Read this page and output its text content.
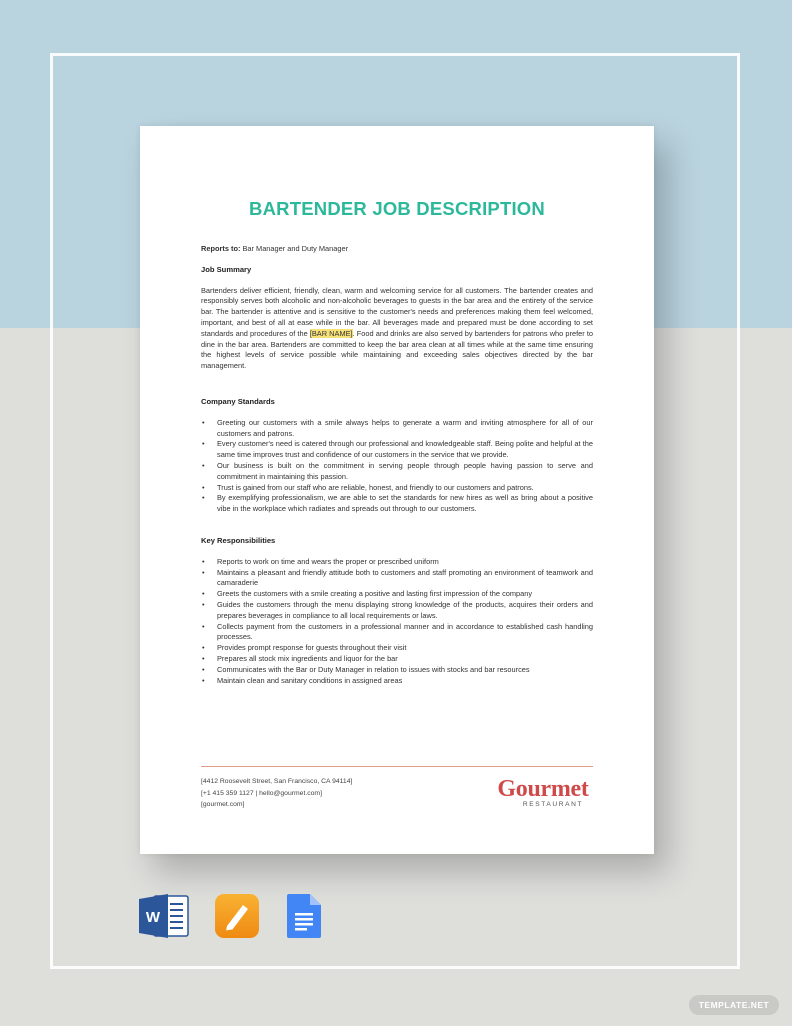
BARTENDER JOB DESCRIPTION

Reports to: Bar Manager and Duty Manager

Job Summary

Bartenders deliver efficient, friendly, clean, warm and welcoming service for all customers. The bartender creates and responsibly serves both alcoholic and non-alcoholic beverages to guests in the bar area and the entirety of the service bar. The bartender is attentive and is sensitive to the customer's needs and preferences making them feel welcomed, important, and best of all at ease while in the bar. All beverages made and prepared must be done according to set standards and procedures of the [BAR NAME]. Food and drinks are also served by bartenders for patrons who prefer to dine in the bar area. Bartenders are committed to keep the bar area clean at all times while at the same time ensuring the highest levels of service possible while maintaining and exceeding sales objectives directed by the bar management.

Company Standards
• Greeting our customers with a smile always helps to generate a warm and inviting atmosphere for all of our customers and patrons.
• Every customer's need is catered through our professional and knowledgeable staff. Being polite and helpful at the same time improves trust and confidence of our customers in the service that we provide.
• Our business is built on the commitment in serving people through people having passion to serve and commitment in maintaining this passion.
• Trust is gained from our staff who are reliable, honest, and friendly to our customers and patrons.
• By exemplifying professionalism, we are able to set the standards for new hires as well as bring about a positive vibe in the workplace which radiates and spreads out through to our customers.
Key Responsibilities
• Reports to work on time and wears the proper or prescribed uniform
• Maintains a pleasant and friendly attitude both to customers and staff promoting an environment of teamwork and camaraderie
• Greets the customers with a smile creating a positive and lasting first impression of the company
• Guides the customers through the menu displaying strong knowledge of the products, acquires their orders and prepares beverages in compliance to all local requirements or laws.
• Collects payment from the customers in a professional manner and in accordance to established cash handling processes.
• Provides prompt response for guests throughout their visit
• Prepares all stock mix ingredients and liquor for the bar
• Communicates with the Bar or Duty Manager in relation to issues with stocks and bar resources
• Maintain clean and sanitary conditions in assigned areas
[4412 Roosevelt Street, San Francisco, CA 94114]
[+1 415 359 1127 | hello@gourmet.com]
[gourmet.com]
Gourmet
RESTAURANT
W
TEMPLATE.NET
